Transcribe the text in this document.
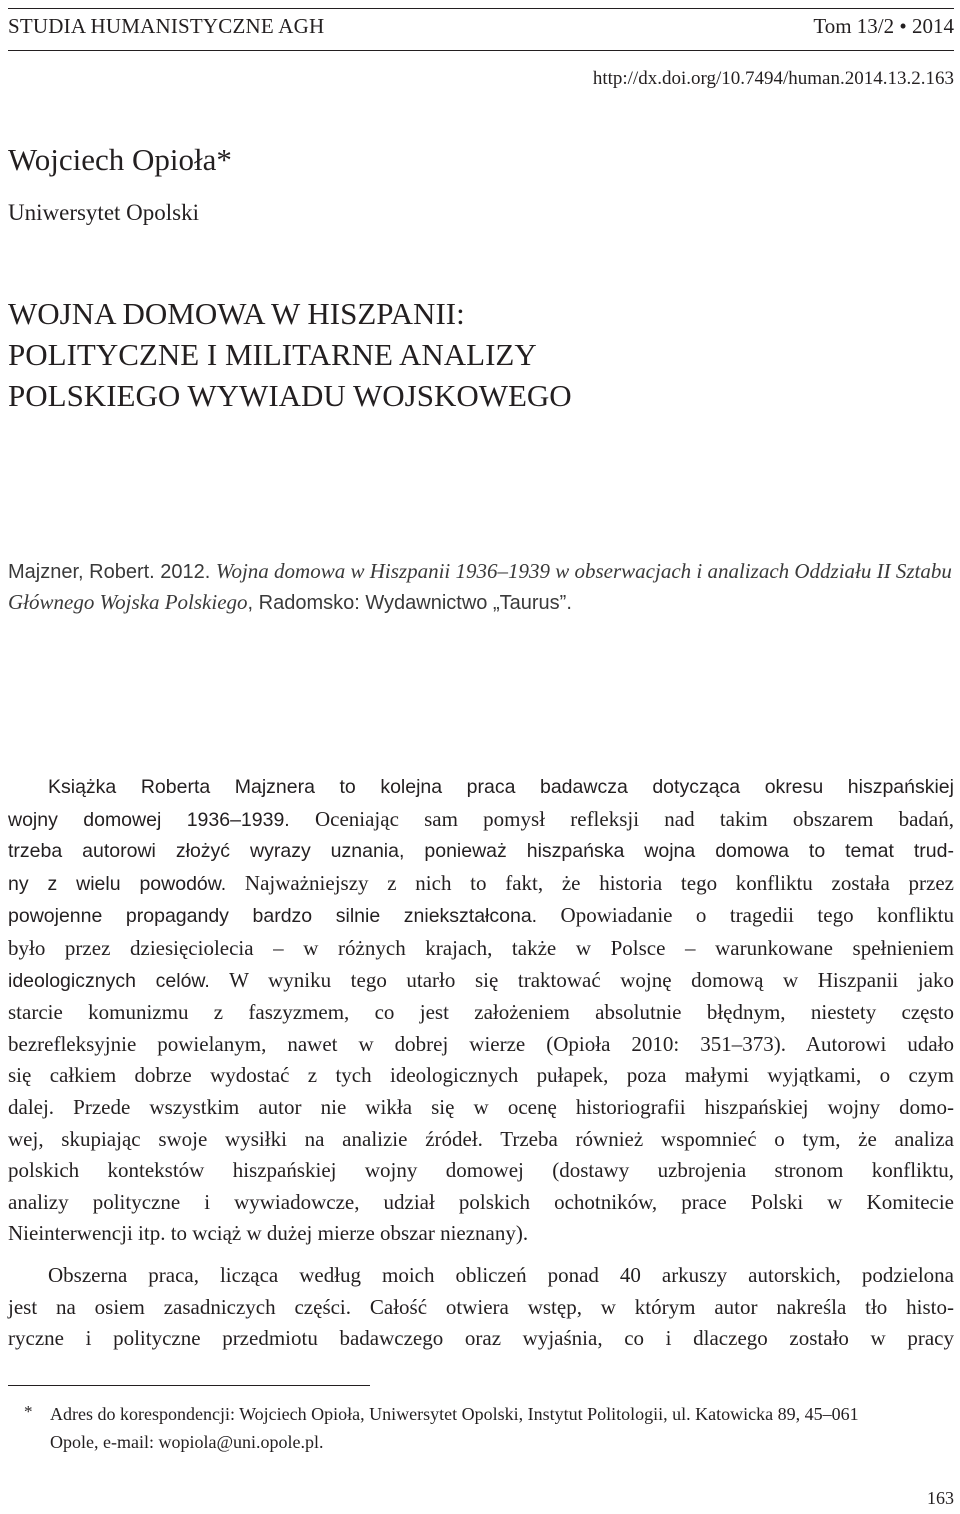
STUDIA HUMANISTYCZNE AGH	Tom 13/2 • 2014
http://dx.doi.org/10.7494/human.2014.13.2.163
Wojciech Opioła*
Uniwersytet Opolski
WOJNA DOMOWA W HISZPANII:
POLITYCZNE I MILITARNE ANALIZY
POLSKIEGO WYWIADU WOJSKOWEGO
Majzner, Robert. 2012. Wojna domowa w Hiszpanii 1936–1939 w obserwacjach i analizach Oddziału II Sztabu Głównego Wojska Polskiego, Radomsko: Wydawnictwo „Taurus”.
Książka Roberta Majznera to kolejna praca badawcza dotycząca okresu hiszpańskiej
wojny domowej 1936–1939. Oceniając sam pomysł refleksji nad takim obszarem badań,
trzeba autorowi złożyć wyrazy uznania, ponieważ hiszpańska wojna domowa to temat trud-
ny z wielu powodów. Najważniejszy z nich to fakt, że historia tego konfliktu została przez
powojenne propagandy bardzo silnie zniekształcona. Opowiadanie o tragedii tego konfliktu
było przez dziesięciolecia – w różnych krajach, także w Polsce – warunkowane spełnieniem
ideologicznych celów. W wyniku tego utarło się traktować wojnę domową w Hiszpanii jako
starcie komunizmu z faszyzmem, co jest założeniem absolutnie błędnym, niestety często
bezrefleksyjnie powielanym, nawet w dobrej wierze (Opioła 2010: 351–373). Autorowi udało
się całkiem dobrze wydostać z tych ideologicznych pułapek, poza małymi wyjątkami, o czym
dalej. Przede wszystkim autor nie wikła się w ocenę historiografii hiszpańskiej wojny domo-
wej, skupiając swoje wysiłki na analizie źródeł. Trzeba również wspomnieć o tym, że analiza
polskich kontekstów hiszpańskiej wojny domowej (dostawy uzbrojenia stronom konfliktu,
analizy polityczne i wywiadowcze, udział polskich ochotników, prace Polski w Komitecie
Nieinterwencji itp. to wciąż w dużej mierze obszar nieznany).
Obszerna praca, licząca według moich obliczeń ponad 40 arkuszy autorskich, podzielona
jest na osiem zasadniczych części. Całość otwiera wstęp, w którym autor nakreśla tło histo-
ryczne i polityczne przedmiotu badawczego oraz wyjaśnia, co i dlaczego zostało w pracy
* Adres do korespondencji: Wojciech Opioła, Uniwersytet Opolski, Instytut Politologii, ul. Katowicka 89, 45–061
Opole, e-mail: wopiola@uni.opole.pl.
163
